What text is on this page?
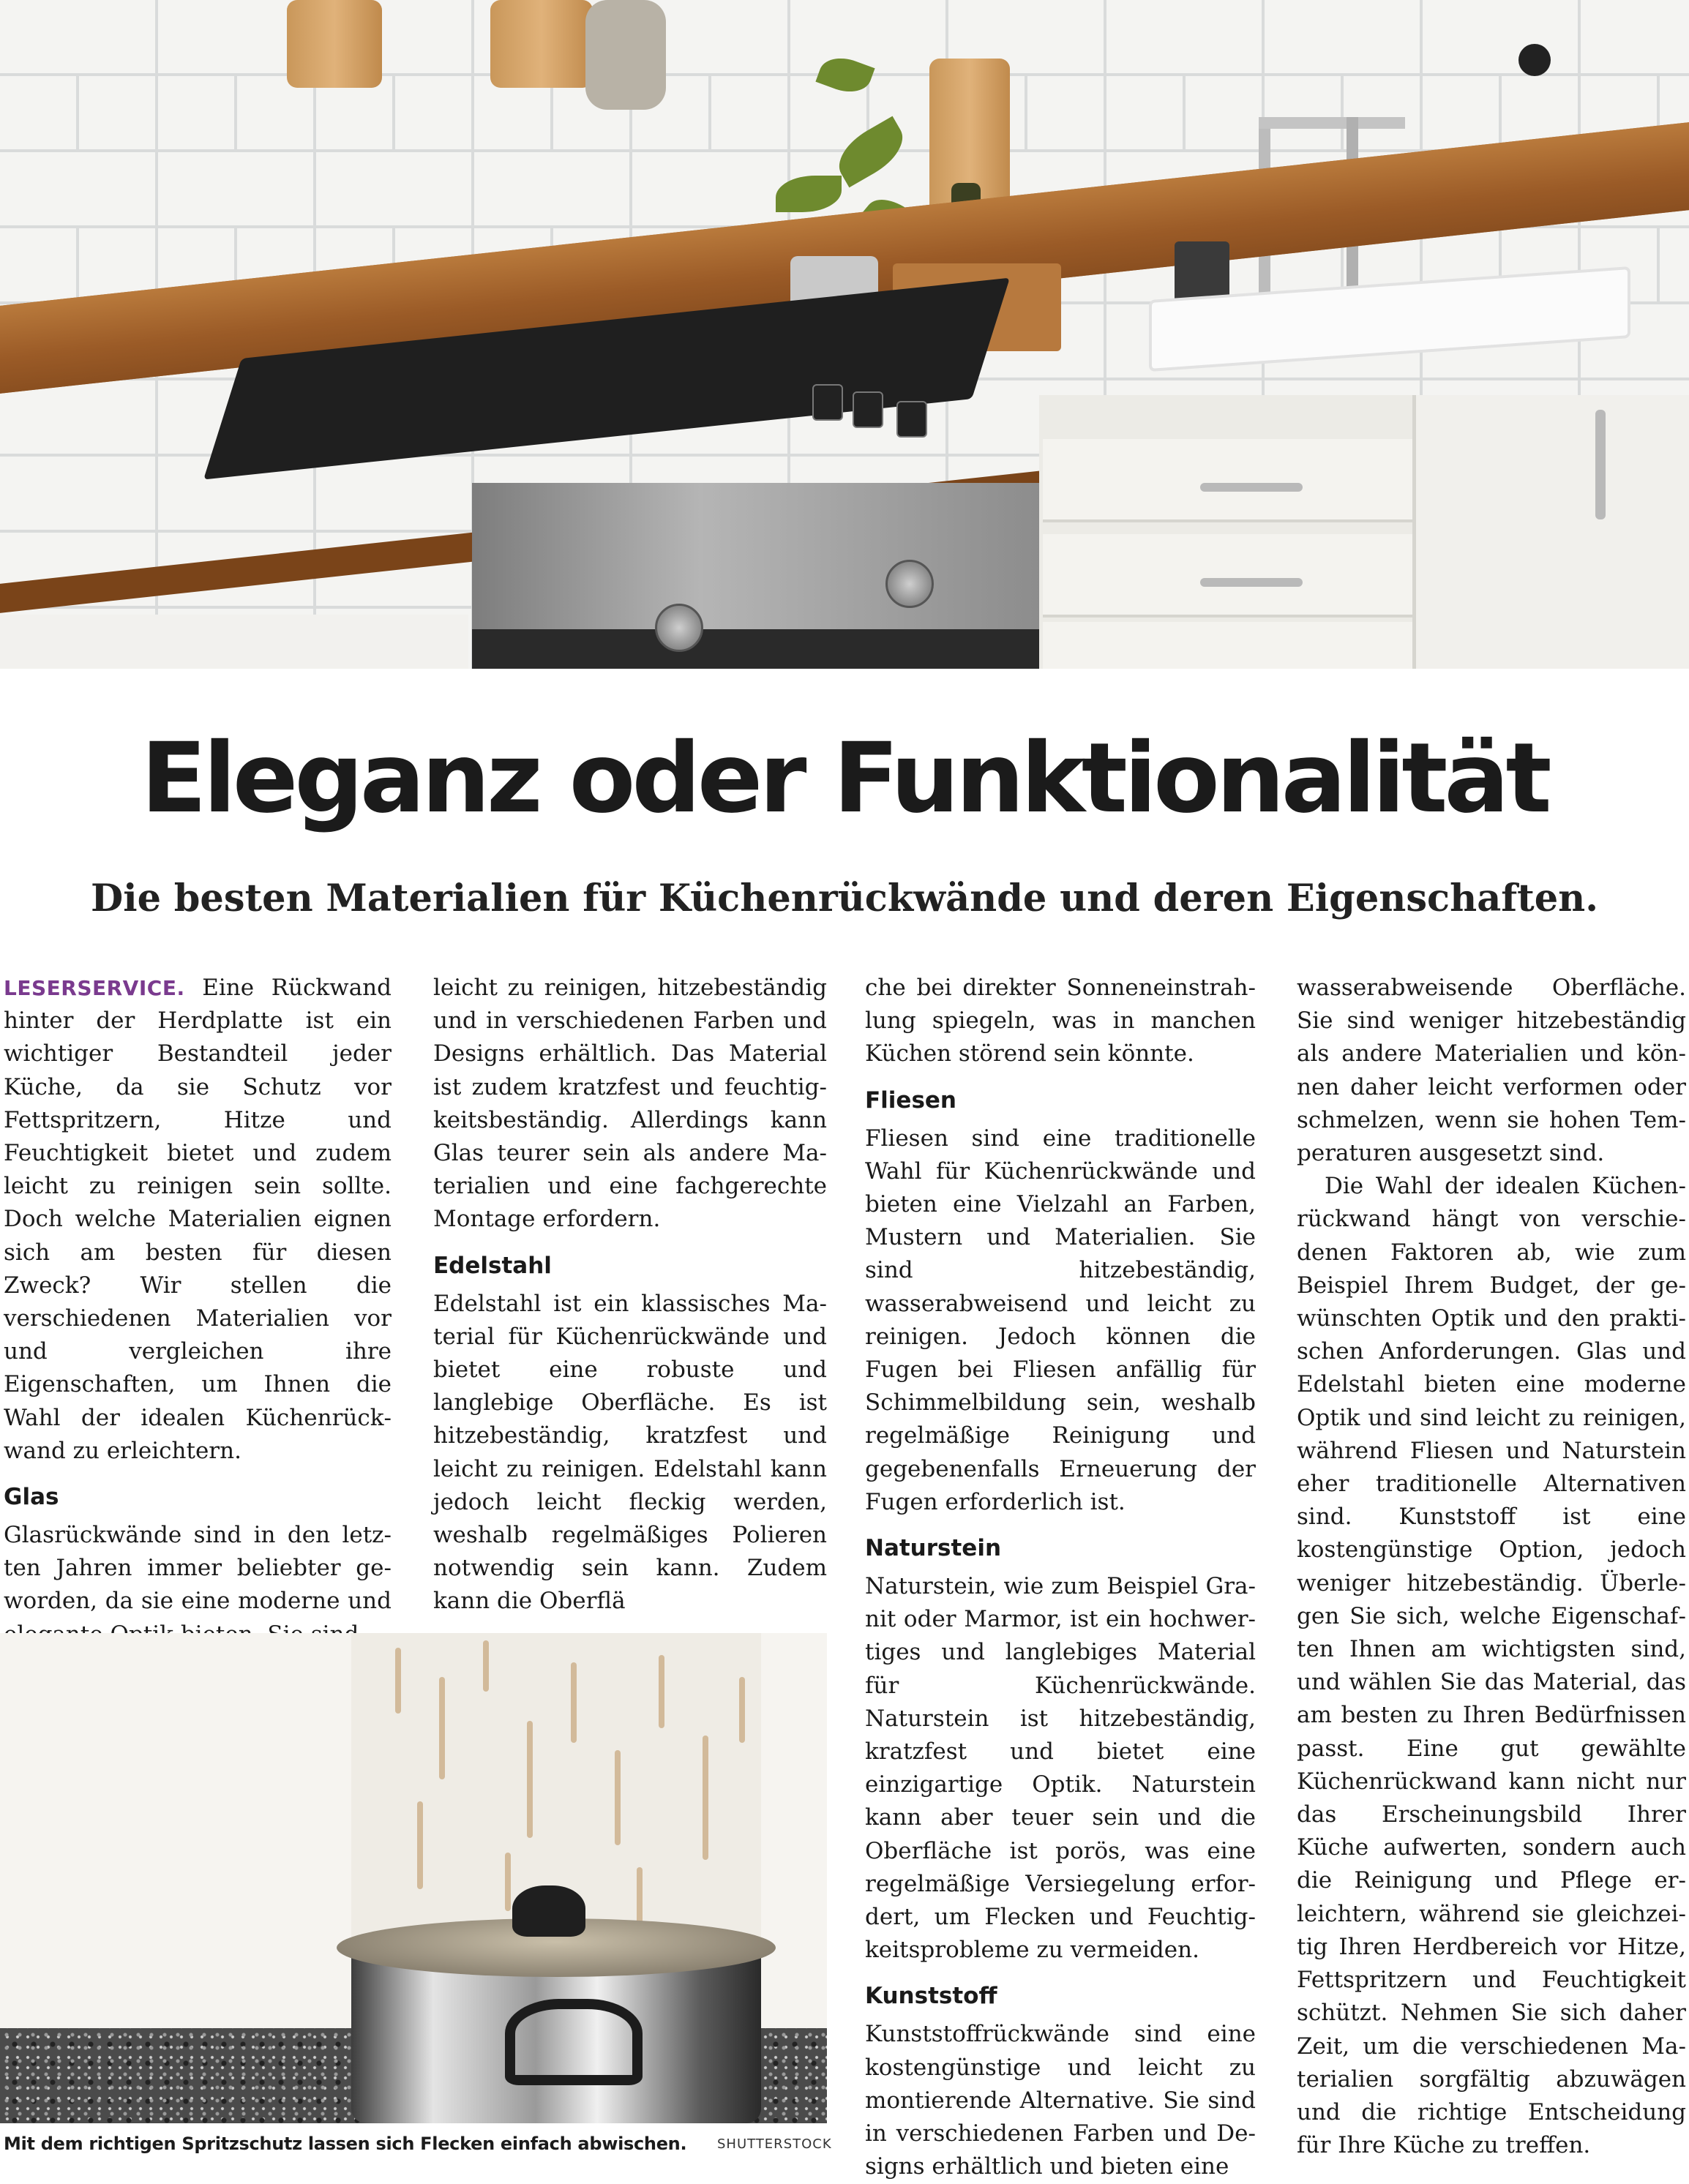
Eleganz oder Funktionalität
Die besten Materialien für Küchenrückwände und deren Eigenschaften.

LESERSERVICE. Eine Rückwand hinter der Herdplatte ist ein wichtiger Bestandteil jeder Küche, da sie Schutz vor Fettspritzern, Hitze und Feuchtigkeit bietet und zudem leicht zu reinigen sein sollte. Doch welche Materialien eignen sich am besten für diesen Zweck? Wir stellen die verschiedenen Materialien vor und vergleichen ihre Eigenschaften, um Ihnen die Wahl der idealen Küchenrückwand zu erleichtern.

Glas

Glasrückwände sind in den letzten Jahren immer beliebter geworden, da sie eine moderne und

leicht zu reinigen, hitzebeständig und in verschiedenen Farben und Designs erhältlich. Das Material ist zudem kratzfest und feuchtigkeitsbeständig. Allerdings kann Glas teurer sein als andere Materialien und eine fachgerechte Montage erfordern.

Edelstahl

Edelstahl ist ein klassisches Material für Küchenrückwände und bietet eine robuste und langlebige Oberfläche. Es ist hitzebeständig, kratzfest und leicht zu reinigen. Edelstahl kann jedoch leicht fleckig werden, weshalb regelmäßiges Polieren notwendig sein kann. Zudem kann die Oberflä

che bei direkter Sonneneinstrahlung spiegeln, was in manchen Küchen störend sein könnte.

Fliesen

Fliesen sind eine traditionelle Wahl für Küchenrückwände und bieten eine Vielzahl an Farben, Mustern und Materialien. Sie sind hitzebeständig, wasserabweisend und leicht zu reinigen. Jedoch können die Fugen bei Fliesen anfällig für Schimmelbildung sein, weshalb regelmäßige Reinigung und gegebenenfalls Erneuerung der Fugen erforderlich ist.

Naturstein

Naturstein, wie zum Beispiel Granit oder Marmor, ist ein hochwertiges und langlebiges Material für Küchenrückwände. Naturstein ist hitzebeständig, kratzfest und bietet eine einzigartige Optik. Naturstein kann aber teuer sein und die Oberfläche ist porös, was eine regelmäßige Versiegelung erfordert, um Flecken und Feuchtigkeitsprobleme zu vermeiden.

Kunststoff

Kunststoffrückwände sind eine kostengünstige und leicht zu montierende Alternative. Sie sind in verschiedenen Farben und Designs erhältlich und bieten eine

wasserabweisende Oberfläche. Sie sind weniger hitzebeständig als andere Materialien und können daher leicht verformen oder schmelzen, wenn sie hohen Temperaturen ausgesetzt sind.

Die Wahl der idealen Küchenrückwand hängt von verschiedenen Faktoren ab, wie zum Beispiel Ihrem Budget, der gewünschten Optik und den praktischen Anforderungen. Glas und Edelstahl bieten eine moderne Optik und sind leicht zu reinigen, während Fliesen und Naturstein eher traditionelle Alternativen sind. Kunststoff ist eine kostengünstige Option, jedoch weniger hitzebeständig. Überlegen Sie sich, welche Eigenschaften Ihnen am wichtigsten sind, und wählen Sie das Material, das am besten zu Ihren Bedürfnissen passt. Eine gut gewählte Küchenrückwand kann nicht nur das Erscheinungsbild Ihrer Küche aufwerten, sondern auch die Reinigung und Pflege erleichtern, während sie gleichzeitig Ihren Herdbereich vor Hitze, Fettspritzern und Feuchtigkeit schützt. Nehmen Sie sich daher Zeit, um die verschiedenen Materialien sorgfältig abzuwägen und die richtige Entscheidung für Ihre Küche zu treffen.

Mit dem richtigen Spritzschutz lassen sich Flecken einfach abwischen. SHUTTERSTOCK
